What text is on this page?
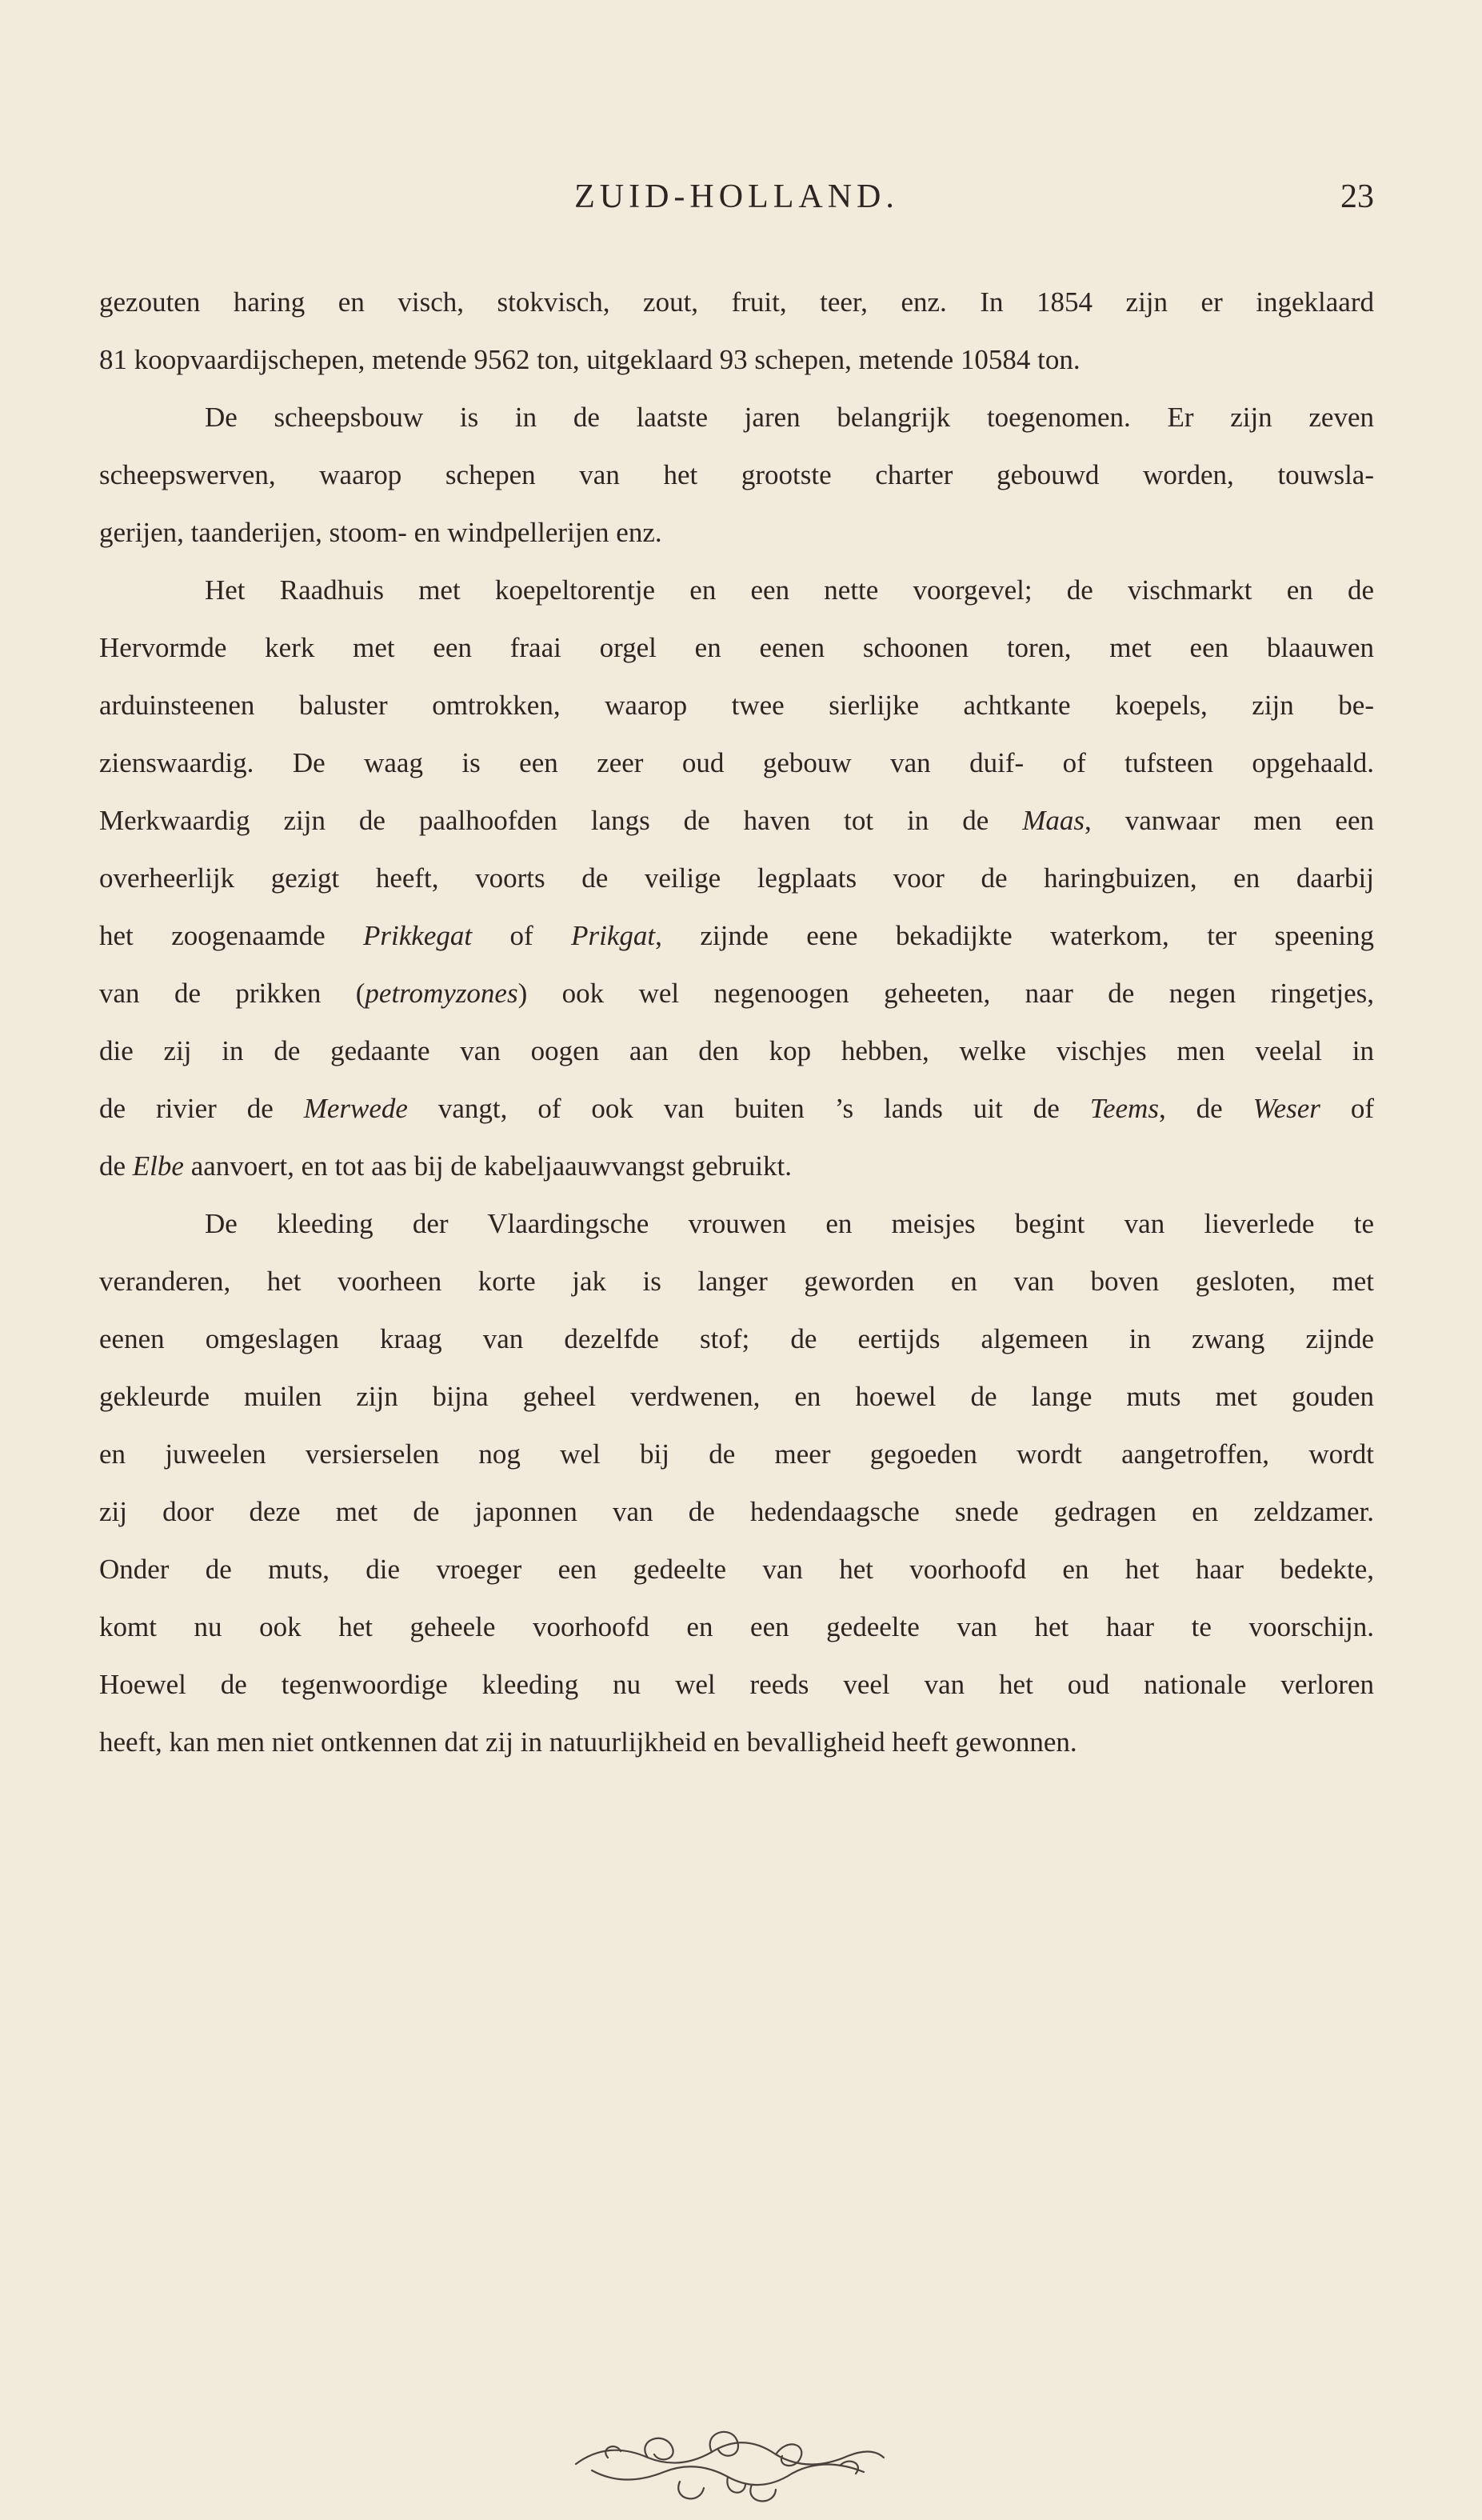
ZUID-HOLLAND.	23
gezouten haring en visch, stokvisch, zout, fruit, teer, enz. In 1854 zijn er ingeklaard
81 koopvaardijschepen, metende 9562 ton, uitgeklaard 93 schepen, metende 10584 ton.
De scheepsbouw is in de laatste jaren belangrijk toegenomen. Er zijn zeven
scheepswerven, waarop schepen van het grootste charter gebouwd worden, touwsla-
gerijen, taanderijen, stoom- en windpellerijen enz.
Het Raadhuis met koepeltorentje en een nette voorgevel; de vischmarkt en de
Hervormde kerk met een fraai orgel en eenen schoonen toren, met een blaauwen
arduinsteenen baluster omtrokken, waarop twee sierlijke achtkante koepels, zijn be-
zienswaardig. De waag is een zeer oud gebouw van duif- of tufsteen opgehaald.
Merkwaardig zijn de paalhoofden langs de haven tot in de Maas, vanwaar men een
overheerlijk gezigt heeft, voorts de veilige legplaats voor de haringbuizen, en daarbij
het zoogenaamde Prikkegat of Prikgat, zijnde eene bekadijkte waterkom, ter speening
van de prikken (petromyzones) ook wel negenoogen geheeten, naar de negen ringetjes,
die zij in de gedaante van oogen aan den kop hebben, welke vischjes men veelal in
de rivier de Merwede vangt, of ook van buiten ’s lands uit de Teems, de Weser of
de Elbe aanvoert, en tot aas bij de kabeljaauwvangst gebruikt.
De kleeding der Vlaardingsche vrouwen en meisjes begint van lieverlede te
veranderen, het voorheen korte jak is langer geworden en van boven gesloten, met
eenen omgeslagen kraag van dezelfde stof; de eertijds algemeen in zwang zijnde
gekleurde muilen zijn bijna geheel verdwenen, en hoewel de lange muts met gouden
en juweelen versierselen nog wel bij de meer gegoeden wordt aangetroffen, wordt
zij door deze met de japonnen van de hedendaagsche snede gedragen en zeldzamer.
Onder de muts, die vroeger een gedeelte van het voorhoofd en het haar bedekte,
komt nu ook het geheele voorhoofd en een gedeelte van het haar te voorschijn.
Hoewel de tegenwoordige kleeding nu wel reeds veel van het oud nationale verloren
heeft, kan men niet ontkennen dat zij in natuurlijkheid en bevalligheid heeft gewonnen.
